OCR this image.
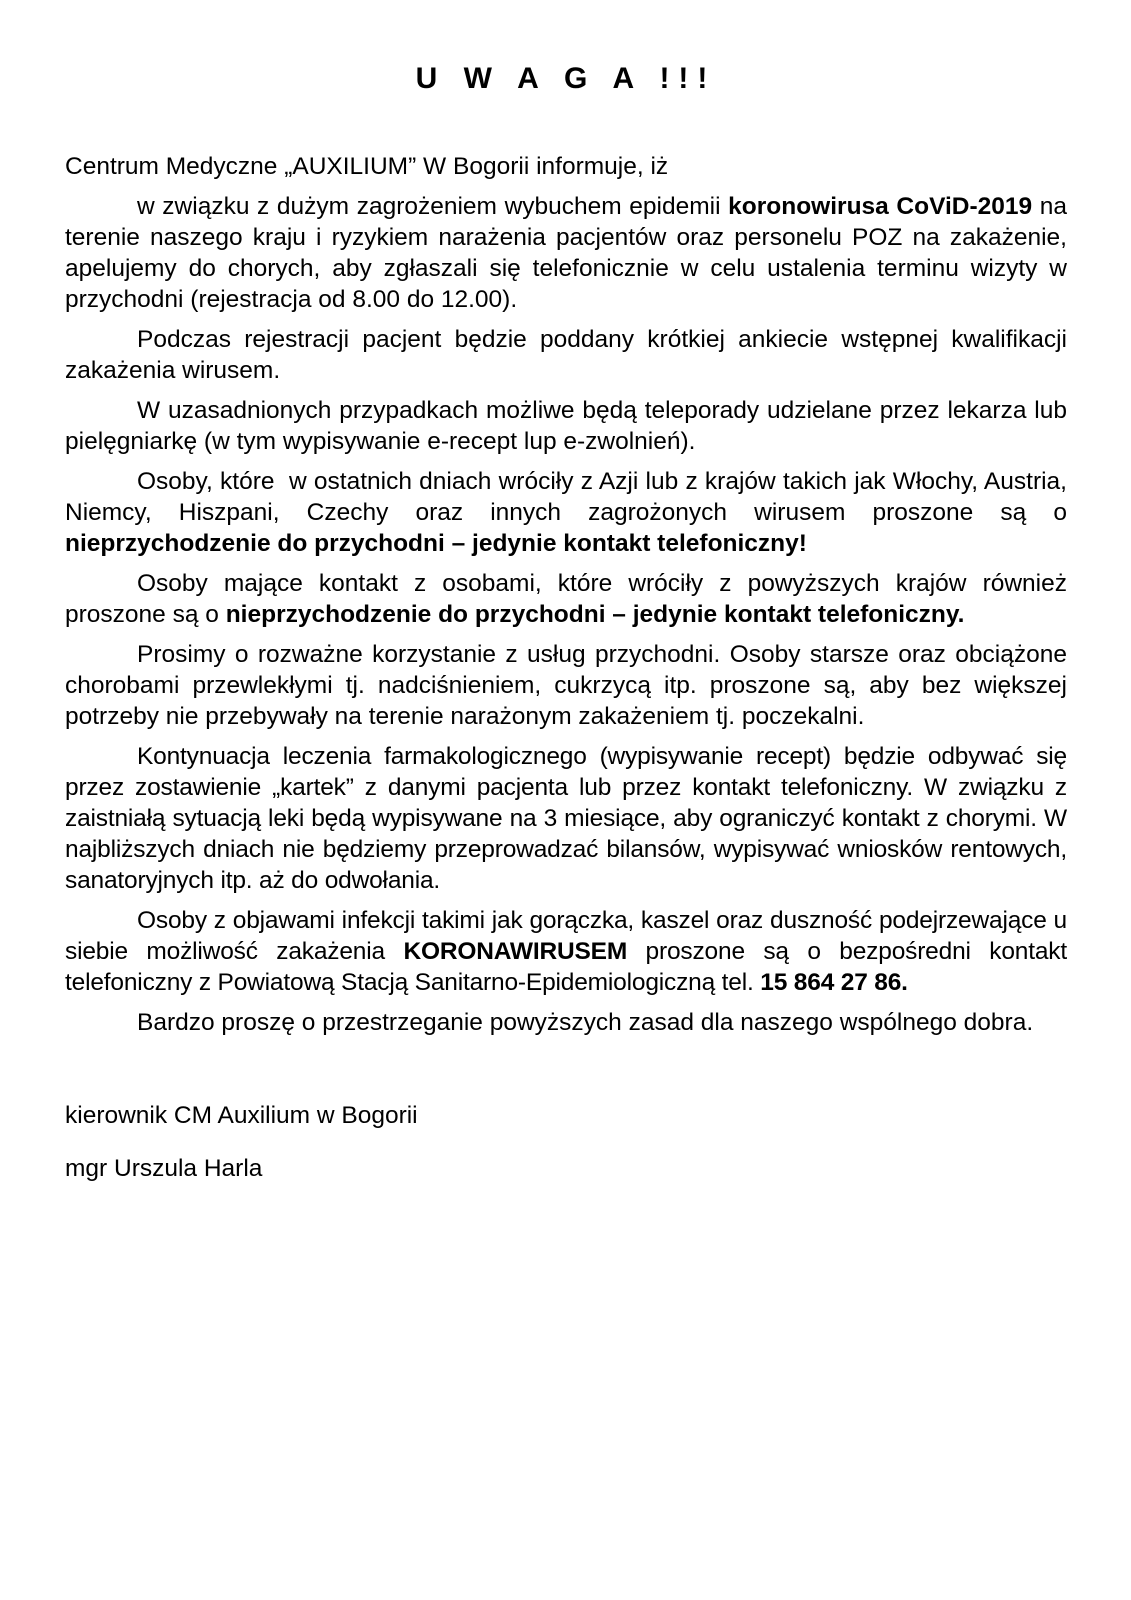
U W A G A !!!

Centrum Medyczne „AUXILIUM” W Bogorii informuje, iż

w związku z dużym zagrożeniem wybuchem epidemii koronowirusa CoViD-2019 na terenie naszego kraju i ryzykiem narażenia pacjentów oraz personelu POZ na zakażenie, apelujemy do chorych, aby zgłaszali się telefonicznie w celu ustalenia terminu wizyty w przychodni (rejestracja od 8.00 do 12.00).

Podczas rejestracji pacjent będzie poddany krótkiej ankiecie wstępnej kwalifikacji zakażenia wirusem.

W uzasadnionych przypadkach możliwe będą teleporady udzielane przez lekarza lub pielęgniarkę (w tym wypisywanie e-recept lup e-zwolnień).

Osoby, które  w ostatnich dniach wróciły z Azji lub z krajów takich jak Włochy, Austria, Niemcy, Hiszpani, Czechy oraz innych zagrożonych wirusem proszone są o nieprzychodzenie do przychodni – jedynie kontakt telefoniczny!

Osoby mające kontakt z osobami, które wróciły z powyższych krajów również proszone są o nieprzychodzenie do przychodni – jedynie kontakt telefoniczny.

Prosimy o rozważne korzystanie z usług przychodni. Osoby starsze oraz obciążone chorobami przewlekłymi tj. nadciśnieniem, cukrzycą itp. proszone są, aby bez większej potrzeby nie przebywały na terenie narażonym zakażeniem tj. poczekalni.

Kontynuacja leczenia farmakologicznego (wypisywanie recept) będzie odbywać się przez zostawienie „kartek” z danymi pacjenta lub przez kontakt telefoniczny. W związku z zaistniałą sytuacją leki będą wypisywane na 3 miesiące, aby ograniczyć kontakt z chorymi. W najbliższych dniach nie będziemy przeprowadzać bilansów, wypisywać wniosków rentowych, sanatoryjnych itp. aż do odwołania.

Osoby z objawami infekcji takimi jak gorączka, kaszel oraz duszność podejrzewające u siebie możliwość zakażenia KORONAWIRUSEM proszone są o bezpośredni kontakt telefoniczny z Powiatową Stacją Sanitarno-Epidemiologiczną tel. 15 864 27 86.

Bardzo proszę o przestrzeganie powyższych zasad dla naszego wspólnego dobra.

kierownik CM Auxilium w Bogorii

mgr Urszula Harla
